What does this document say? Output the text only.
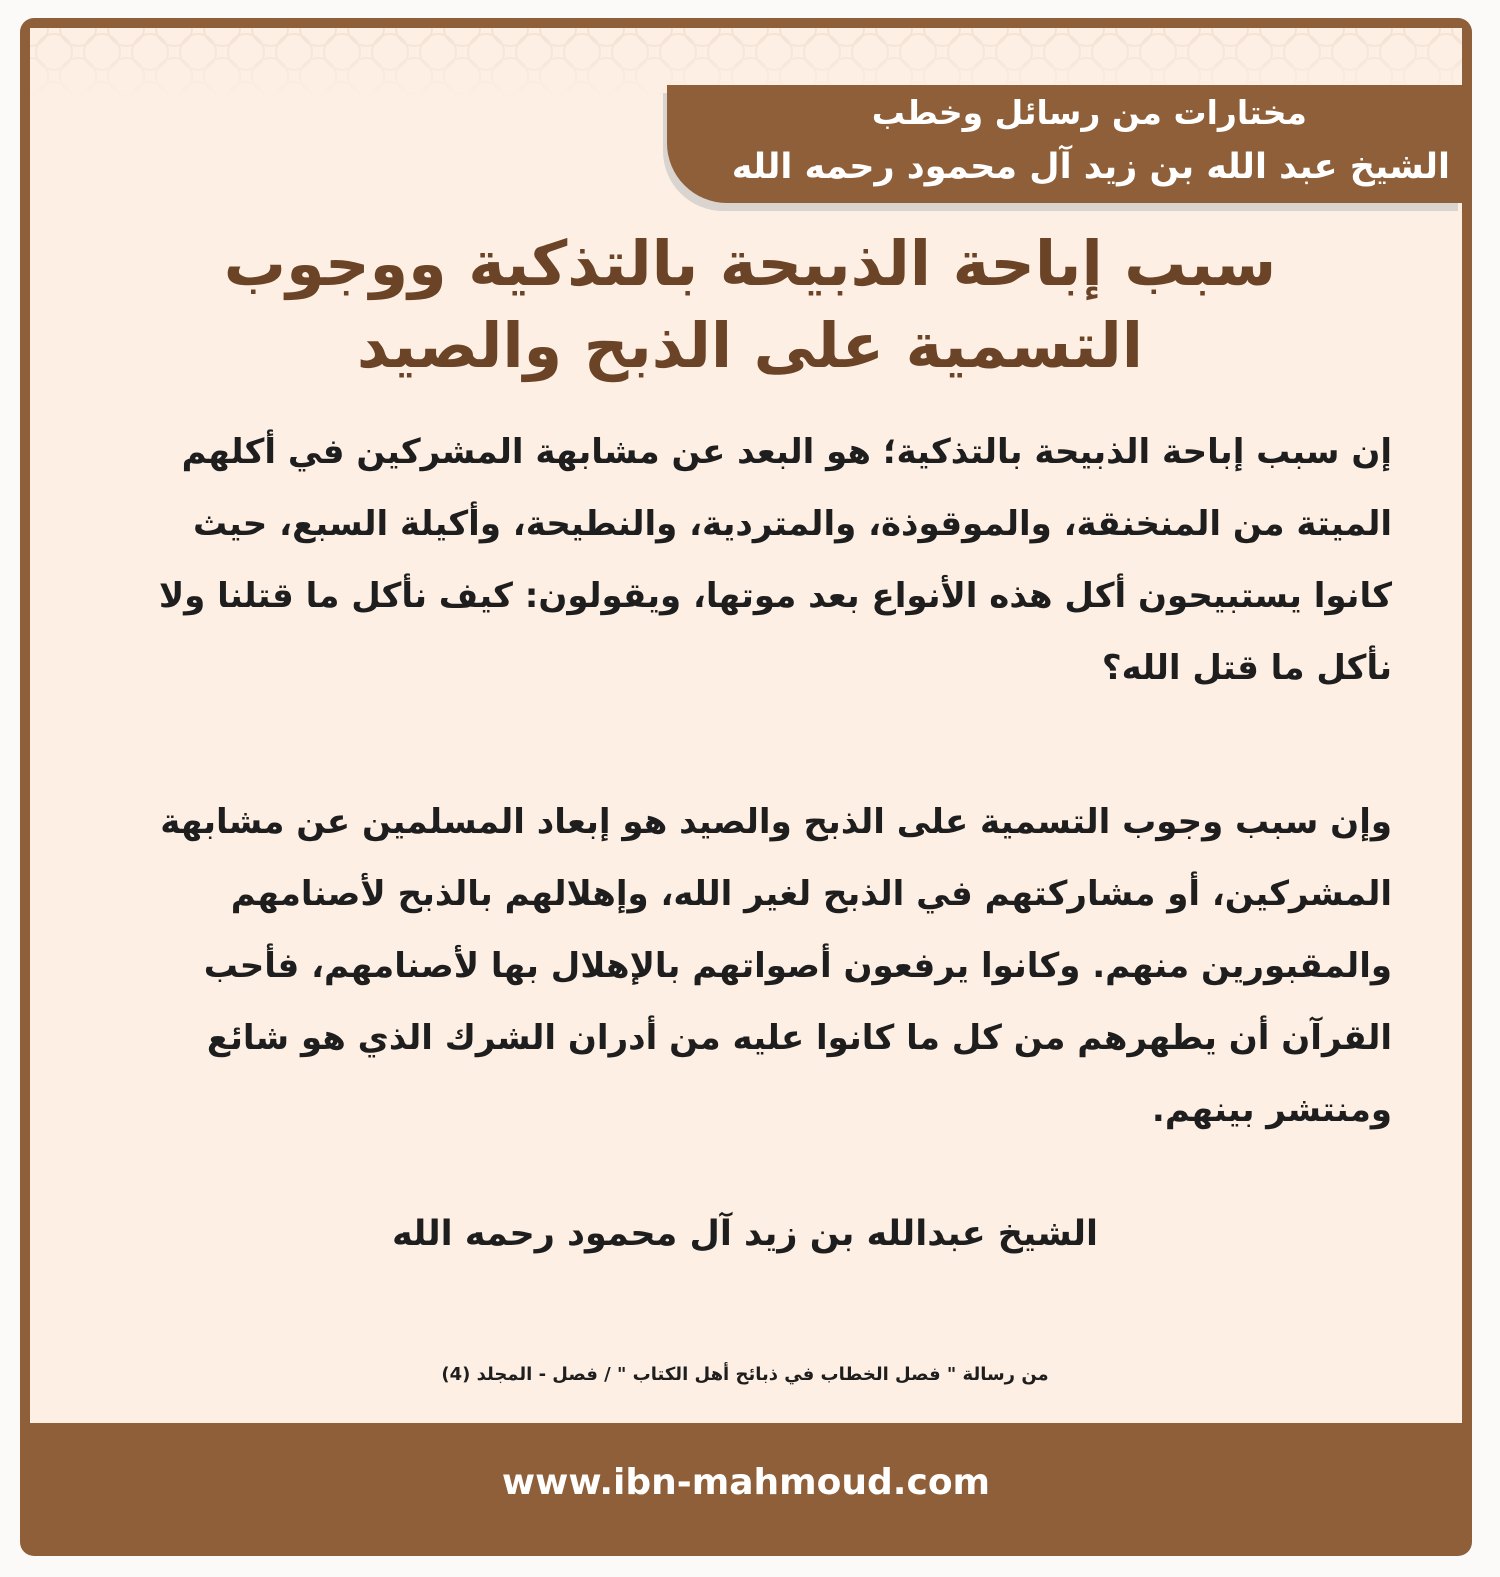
مختارات من رسائل وخطب
الشيخ عبد الله بن زيد آل محمود رحمه الله
سبب إباحة الذبيحة بالتذكية ووجوب
التسمية على الذبح والصيد

إن سبب إباحة الذبيحة بالتذكية؛ هو البعد عن مشابهة المشركين في أكلهم الميتة من المنخنقة، والموقوذة، والمتردية، والنطيحة، وأكيلة السبع، حيث كانوا يستبيحون أكل هذه الأنواع بعد موتها، ويقولون: كيف نأكل ما قتلنا ولا نأكل ما قتل الله؟

وإن سبب وجوب التسمية على الذبح والصيد هو إبعاد المسلمين عن مشابهة المشركين، أو مشاركتهم في الذبح لغير الله، وإهلالهم بالذبح لأصنامهم والمقبورين منهم. وكانوا يرفعون أصواتهم بالإهلال بها لأصنامهم، فأحب القرآن أن يطهرهم من كل ما كانوا عليه من أدران الشرك الذي هو شائع ومنتشر بينهم.

الشيخ عبدالله بن زيد آل محمود رحمه الله

من رسالة " فصل الخطاب في ذبائح أهل الكتاب " / فصل - المجلد (4)

www.ibn-mahmoud.com
